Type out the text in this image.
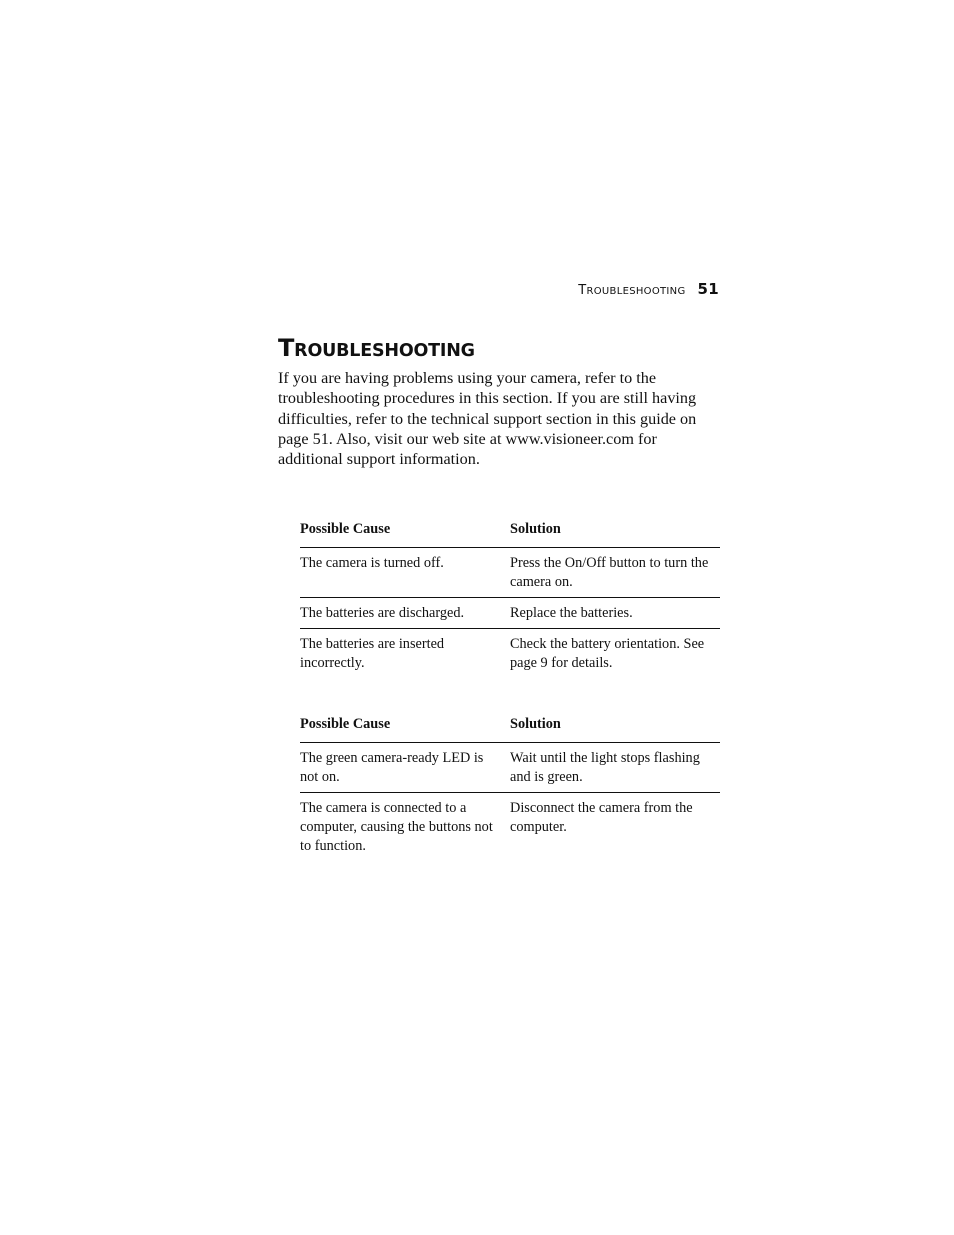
TROUBLESHOOTING 51
TROUBLESHOOTING

If you are having problems using your camera, refer to the troubleshooting procedures in this section. If you are still having difficulties, refer to the technical support section in this guide on page 51. Also, visit our web site at www.visioneer.com for additional support information.

Possible Cause	Solution
The camera is turned off.	Press the On/Off button to turn the camera on.
The batteries are discharged.	Replace the batteries.
The batteries are inserted incorrectly.	Check the battery orientation. See page 9 for details.
Possible Cause	Solution
The green camera-ready LED is not on.	Wait until the light stops flashing and is green.
The camera is connected to a computer, causing the buttons not to function.	Disconnect the camera from the computer.
